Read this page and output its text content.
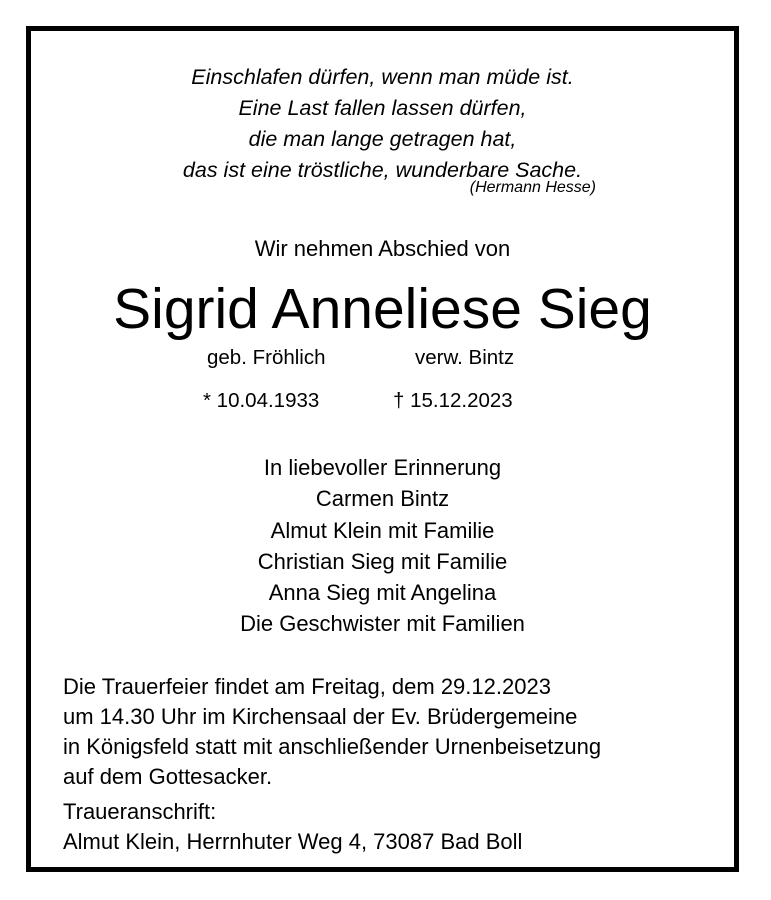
Einschlafen dürfen, wenn man müde ist.
Eine Last fallen lassen dürfen,
die man lange getragen hat,
das ist eine tröstliche, wunderbare Sache.
(Hermann Hesse)
Wir nehmen Abschied von
Sigrid Anneliese Sieg
geb. Fröhlich	verw. Bintz
* 10.04.1933	† 15.12.2023
In liebevoller Erinnerung
Carmen Bintz
Almut Klein mit Familie
Christian Sieg mit Familie
Anna Sieg mit Angelina
Die Geschwister mit Familien
Die Trauerfeier findet am Freitag, dem 29.12.2023
um 14.30 Uhr im Kirchensaal der Ev. Brüdergemeine
in Königsfeld statt mit anschließender Urnenbeisetzung
auf dem Gottesacker.
Traueranschrift:
Almut Klein, Herrnhuter Weg 4, 73087 Bad Boll
